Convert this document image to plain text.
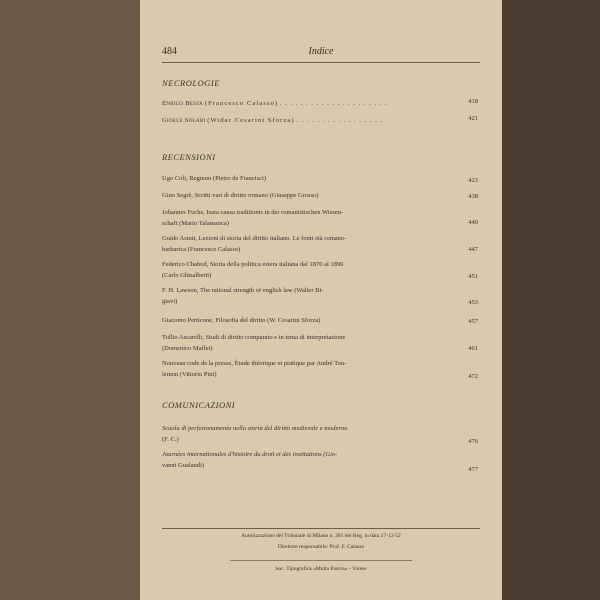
484	Indice
NECROLOGIE
Enrico Besta (Francesco Calasso) . . . . . . . . . . . . . . . . . . . . .	418
Gioele Solari (Widar Cesarini Sforza) . . . . . . . . . . . . . . . . .	421
RECENSIONI
Ugo Coli, Regnum (Pietro de Francisci)	423
Gino Segrè, Scritti vari di diritto romano (Giuseppe Grosso)	438
Johannes Fuchs, Iusta causa traditionis in der romanistischen Wissen-
schaft (Mario Talamanca)	440
Guido Astuti, Lezioni di storia del diritto italiano. Le fonti età romano-
barbarica (Francesco Calasso)	447
Federico Chabod, Storia della politica estera italiana dal 1870 al 1896
(Carlo Ghisalberti)	451
F. H. Lawson, The rational strength of english law (Walter Bi-
giavi)	453
Giacomo Perticone, Filosofia del diritto (W. Cesarini Sforza)	457
Tullio Ascarelli, Studi di diritto comparato e in tema di interpretazione
(Domenico Maffei)	461
Nouveau code de la presse, Étude théorique et pratique par André Tou-
lemon (Vittorio Pini)	472
COMUNICAZIONI
Scuola di perfezionamento nella storia del diritto medievale e moderno
(F. C.)	476
Journées internationales d'histoire du droit et des institutions (Gio-
vanni Gualandi)
477
Autorizzazione del Tribunale di Milano n. 281 del Reg. in data 17-12-52
Direttore responsabile: Prof. F. Calasso
Soc. Tipografica «Multa Paucis» - Varese
